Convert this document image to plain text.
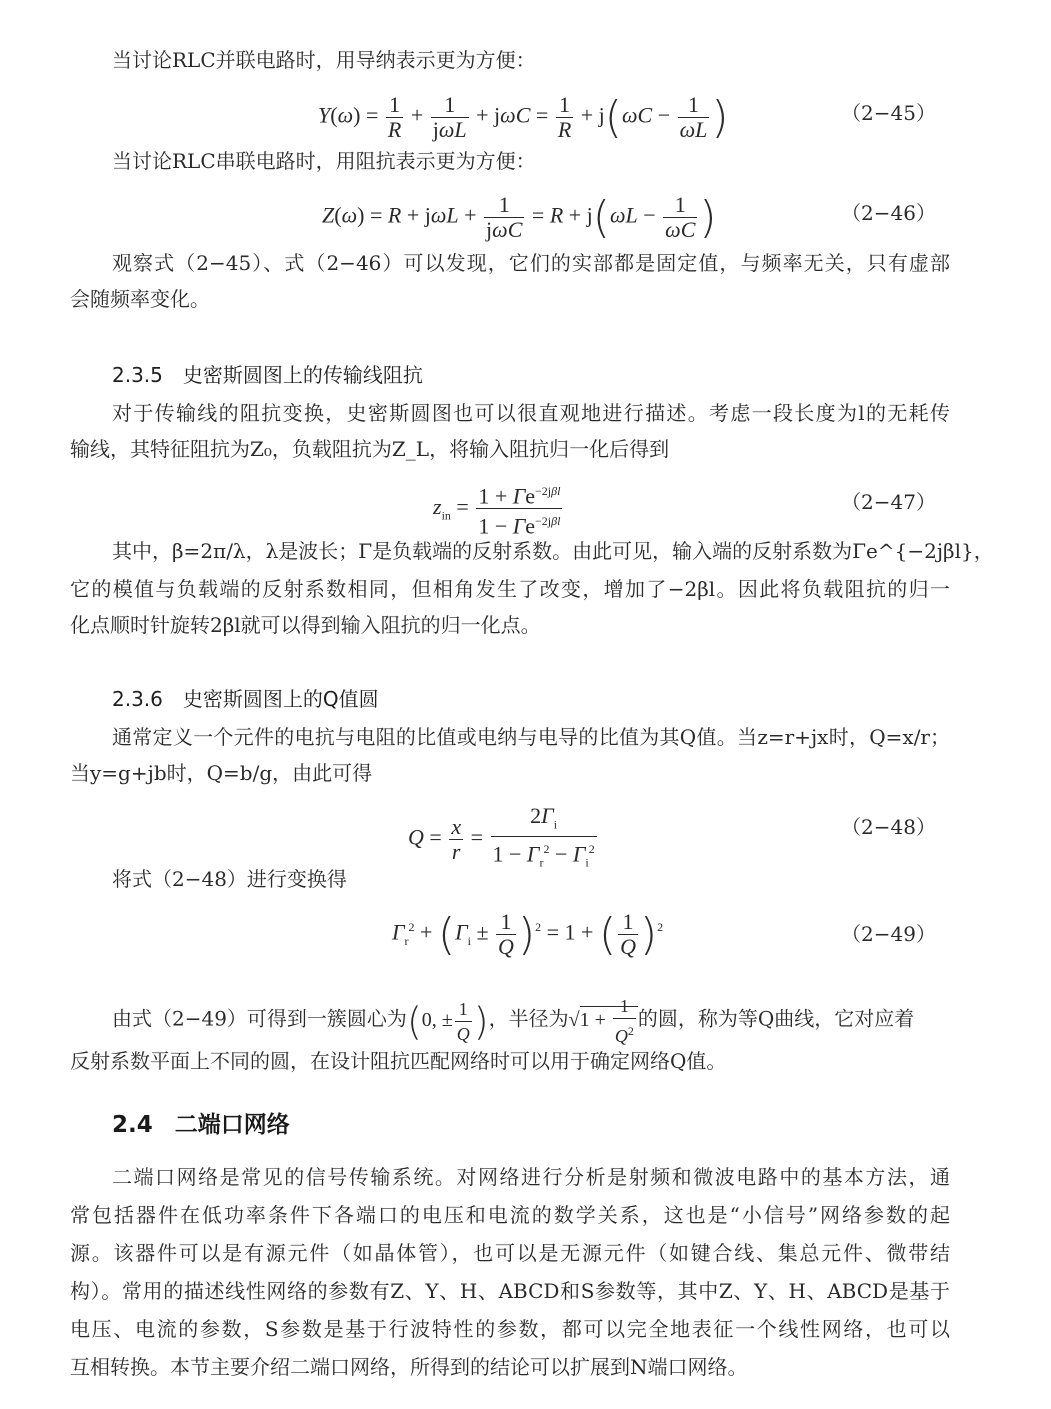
当讨论RLC并联电路时，用导纳表示更为方便：
$Y(\omega) = \frac{1}{R} + \frac{1}{\text{jωL}} + j\omega C = \frac{1}{R} + j(\omega C - \frac{1}{\omega L}$ )	（2−45）
当讨论RLC串联电路时，用阻抗表示更为方便：
$Z(\omega) = R + j\omega L + \frac{1}{\text{jωC}} = R + j(\omega L - \frac{1}{\omega C}$ )	（2−46）
观察式（2−45）、式（2−46）可以发现，它们的实部都是固定值，与频率无关，只有虚部
会随频率变化。
2.3.5　史密斯圆图上的传输线阻抗
对于传输线的阻抗变换，史密斯圆图也可以很直观地进行描述。考虑一段长度为l的无耗传
输线，其特征阻抗为Z₀，负载阻抗为Z_L，将输入阻抗归一化后得到
$z_{in} = \frac{1 + \Gamma e^{-2j\beta l}}{1 - \Gamma e^{-2j\beta l}}$	（2−47）
其中，β=2π/λ，λ是波长；Γ是负载端的反射系数。由此可见，输入端的反射系数为Γe^{−2jβl}，
它的模值与负载端的反射系数相同，但相角发生了改变，增加了−2βl。因此将负载阻抗的归一
化点顺时针旋转2βl就可以得到输入阻抗的归一化点。
2.3.6　史密斯圆图上的Q值圆
通常定义一个元件的电抗与电阻的比值或电纳与电导的比值为其Q值。当z=r+jx时，Q=x/r；
当y=g+jb时，Q=b/g，由此可得
$Q = \frac{x}{r} = \frac{2\Gamma_i}{1 - \Gamma_r^2 - \Gamma_i^2}$	（2−48）
将式（2−48）进行变换得
$\Gamma_r^2 + (\Gamma_i \pm \frac{1}{Q} )^2 = 1$ + ( $\frac{1}{Q} )^2$	（2−49）
由式（2−49）可得到一簇圆心为(0, ± $\frac{1}{Q}$ )，半径为$√1 + \frac{1}{Q^2}$ 的圆，称为等Q曲线，它对应着
反射系数平面上不同的圆，在设计阻抗匹配网络时可以用于确定网络Q值。
2.4 二端口网络
二端口网络是常见的信号传输系统。对网络进行分析是射频和微波电路中的基本方法，通
常包括器件在低功率条件下各端口的电压和电流的数学关系，这也是“小信号”网络参数的起
源。该器件可以是有源元件（如晶体管），也可以是无源元件（如键合线、集总元件、微带结
构）。常用的描述线性网络的参数有Z、Y、H、ABCD和S参数等，其中Z、Y、H、ABCD是基于
电压、电流的参数，S参数是基于行波特性的参数，都可以完全地表征一个线性网络，也可以
互相转换。本节主要介绍二端口网络，所得到的结论可以扩展到N端口网络。
